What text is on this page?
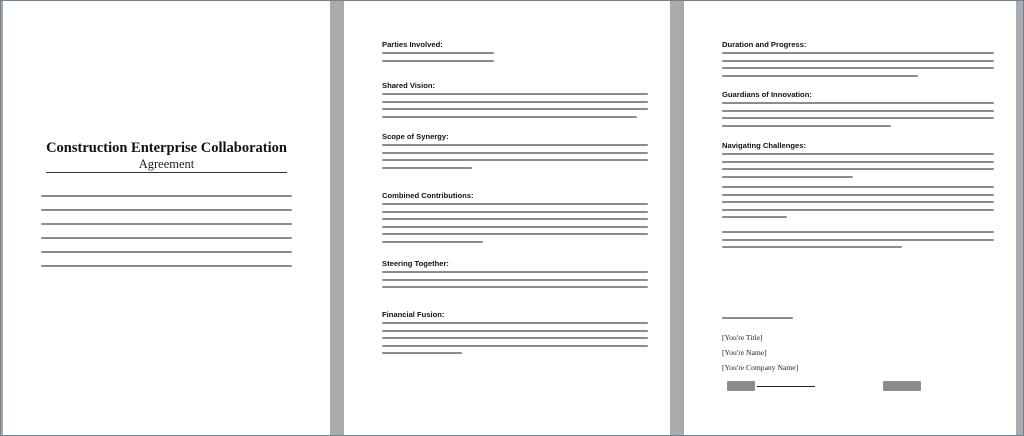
Construction Enterprise Collaboration
Agreement
Parties Involved:
Shared Vision:
Scope of Synergy:
Combined Contributions:
Steering Together:
Financial Fusion:
Duration and Progress:
Guardians of Innovation:
Navigating Challenges:
[You're Title]
[You're Name]
[You're Company Name]
